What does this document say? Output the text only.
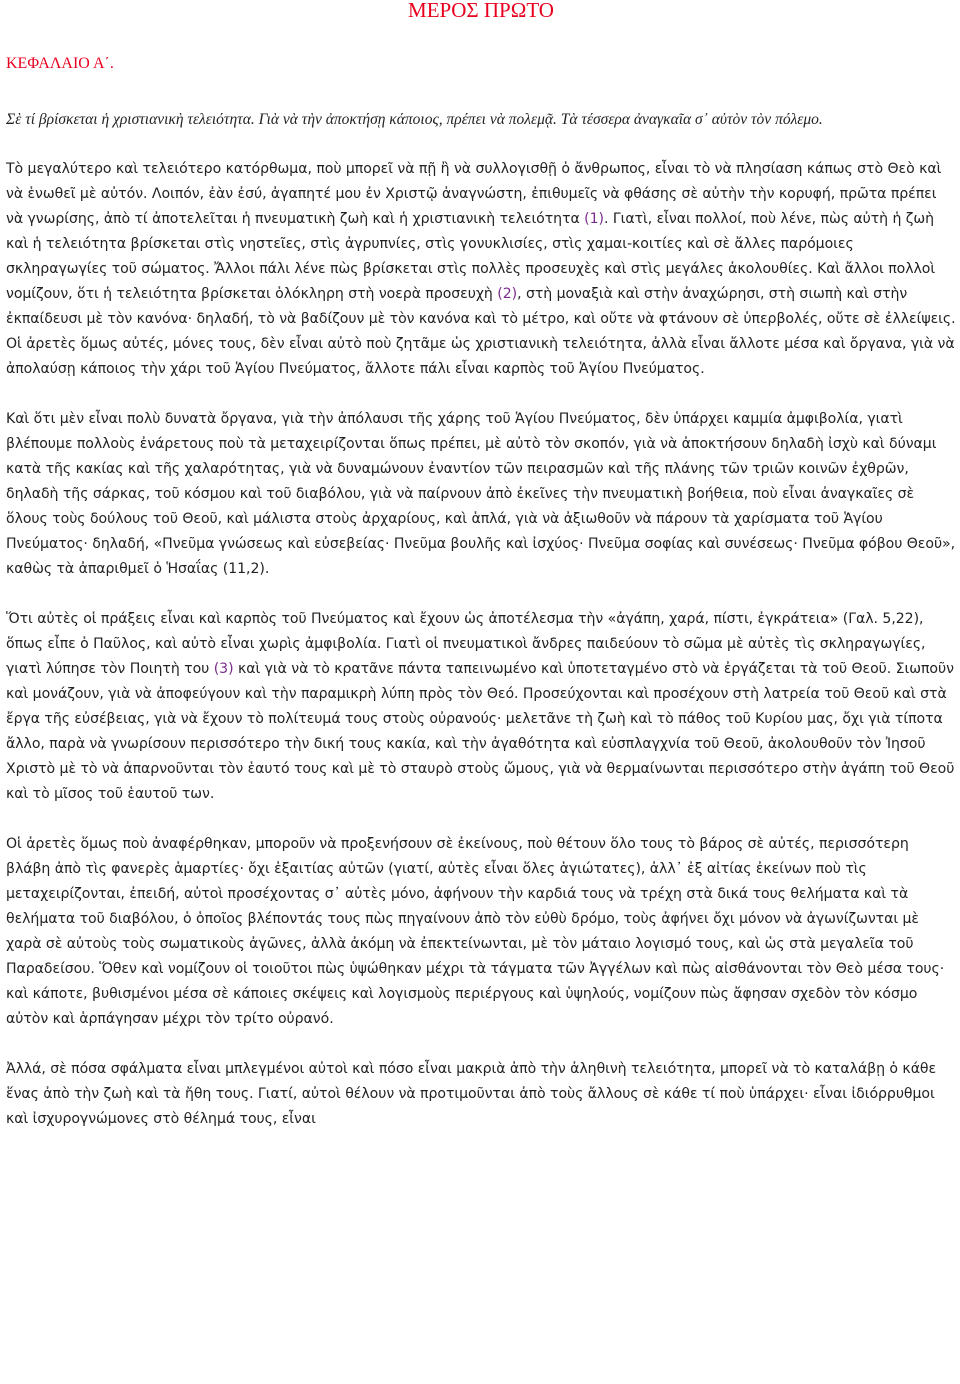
ΜΕΡΟΣ ΠΡΩΤΟ
ΚΕΦΑΛΑΙΟ Α΄.

Σὲ τί βρίσκεται ἡ χριστιανικὴ τελειότητα. Γιὰ νὰ τὴν ἀποκτήσῃ κάποιος, πρέπει νὰ πολεμᾷ. Τὰ τέσσερα ἀναγκαῖα σ᾽ αὐτὸν τὸν πόλεμο.

Τὸ μεγαλύτερο καὶ τελειότερο κατόρθωμα, ποὺ μπορεῖ νὰ πῇ ἢ νὰ συλλογισθῇ ὁ ἄνθρωπος, εἶναι τὸ νὰ πλησίαση κάπως στὸ Θεὸ καὶ νὰ ἑνωθεῖ μὲ αὐτόν. Λοιπόν, ἐὰν ἐσύ, ἀγαπητέ μου ἐν Χριστῷ ἀναγνώστη, ἐπιθυμεῖς νὰ φθάσης σὲ αὐτὴν τὴν κορυφή, πρῶτα πρέπει νὰ γνωρίσης, ἀπὸ τί ἀποτελεῖται ἡ πνευματικὴ ζωὴ καὶ ἡ χριστιανικὴ τελειότητα (1). Γιατὶ, εἶναι πολλοί, ποὺ λένε, πὼς αὐτὴ ἡ ζωὴ καὶ ἡ τελειότητα βρίσκεται στὶς νηστεῖες, στὶς ἀγρυπνίες, στὶς γονυκλισίες, στὶς χαμαι-κοιτίες καὶ σὲ ἄλλες παρόμοιες σκληραγωγίες τοῦ σώματος. Ἄλλοι πάλι λένε πὼς βρίσκεται στὶς πολλὲς προσευχὲς καὶ στὶς μεγάλες ἀκολουθίες. Καὶ ἄλλοι πολλοὶ νομίζουν, ὅτι ἡ τελειότητα βρίσκεται ὁλόκληρη στὴ νοερὰ προσευχὴ (2), στὴ μοναξιὰ καὶ στὴν ἀναχώρησι, στὴ σιωπὴ καὶ στὴν ἐκπαίδευσι μὲ τὸν κανόνα· δηλαδή, τὸ νὰ βαδίζουν μὲ τὸν κανόνα καὶ τὸ μέτρο, καὶ οὔτε νὰ φτάνουν σὲ ὑπερβολές, οὔτε σὲ ἐλλείψεις. Οἱ ἀρετὲς ὅμως αὐτές, μόνες τους, δὲν εἶναι αὐτὸ ποὺ ζητᾶμε ὡς χριστιανικὴ τελειότητα, ἀλλὰ εἶναι ἄλλοτε μέσα καὶ ὄργανα, γιὰ νὰ ἀπολαύσῃ κάποιος τὴν χάρι τοῦ Ἁγίου Πνεύματος, ἄλλοτε πάλι εἶναι καρπὸς τοῦ Ἁγίου Πνεύματος.

Καὶ ὅτι μὲν εἶναι πολὺ δυνατὰ ὄργανα, γιὰ τὴν ἀπόλαυσι τῆς χάρης τοῦ Ἁγίου Πνεύματος, δὲν ὑπάρχει καμμία ἀμφιβολία, γιατὶ βλέπουμε πολλοὺς ἐνάρετους ποὺ τὰ μεταχειρίζονται ὅπως πρέπει, μὲ αὐτὸ τὸν σκοπόν, γιὰ νὰ ἀποκτήσουν δηλαδὴ ἰσχὺ καὶ δύναμι κατὰ τῆς κακίας καὶ τῆς χαλαρότητας, γιὰ νὰ δυναμώνουν ἐναντίον τῶν πειρασμῶν καὶ τῆς πλάνης τῶν τριῶν κοινῶν ἐχθρῶν, δηλαδὴ τῆς σάρκας, τοῦ κόσμου καὶ τοῦ διαβόλου, γιὰ νὰ παίρνουν ἀπὸ ἐκεῖνες τὴν πνευματικὴ βοήθεια, ποὺ εἶναι ἀναγκαῖες σὲ ὅλους τοὺς δούλους τοῦ Θεοῦ, καὶ μάλιστα στοὺς ἀρχαρίους, καὶ ἁπλά, γιὰ νὰ ἀξιωθοῦν νὰ πάρουν τὰ χαρίσματα τοῦ Ἁγίου Πνεύματος· δηλαδή, «Πνεῦμα γνώσεως καὶ εὐσεβείας· Πνεῦμα βουλῆς καὶ ἰσχύος· Πνεῦμα σοφίας καὶ συνέσεως· Πνεῦμα φόβου Θεοῦ», καθὼς τὰ ἀπαριθμεῖ ὁ Ἡσαΐας (11,2).

Ὅτι αὐτὲς οἱ πράξεις εἶναι καὶ καρπὸς τοῦ Πνεύματος καὶ ἔχουν ὡς ἀποτέλεσμα τὴν «ἀγάπη, χαρά, πίστι, ἐγκράτεια» (Γαλ. 5,22), ὅπως εἶπε ὁ Παῦλος, καὶ αὐτὸ εἶναι χωρὶς ἀμφιβολία. Γιατὶ οἱ πνευματικοὶ ἄνδρες παιδεύουν τὸ σῶμα μὲ αὐτὲς τὶς σκληραγωγίες, γιατὶ λύπησε τὸν Ποιητὴ του (3) καὶ γιὰ νὰ τὸ κρατᾶνε πάντα ταπεινωμένο καὶ ὑποτεταγμένο στὸ νὰ ἐργάζεται τὰ τοῦ Θεοῦ. Σιωποῦν καὶ μονάζουν, γιὰ νὰ ἀποφεύγουν καὶ τὴν παραμικρὴ λύπη πρὸς τὸν Θεό. Προσεύχονται καὶ προσέχουν στὴ λατρεία τοῦ Θεοῦ καὶ στὰ ἔργα τῆς εὐσέβειας, γιὰ νὰ ἔχουν τὸ πολίτευμά τους στοὺς οὐρανούς· μελετᾶνε τὴ ζωὴ καὶ τὸ πάθος τοῦ Κυρίου μας, ὄχι γιὰ τίποτα ἄλλο, παρὰ νὰ γνωρίσουν περισσότερο τὴν δική τους κακία, καὶ τὴν ἀγαθότητα καὶ εὐσπλαγχνία τοῦ Θεοῦ, ἀκολουθοῦν τὸν Ἰησοῦ Χριστὸ μὲ τὸ νὰ ἀπαρνοῦνται τὸν ἑαυτό τους καὶ μὲ τὸ σταυρὸ στοὺς ὤμους, γιὰ νὰ θερμαίνωνται περισσότερο στὴν ἀγάπη τοῦ Θεοῦ καὶ τὸ μῖσος τοῦ ἑαυτοῦ των.

Οἱ ἀρετὲς ὅμως ποὺ ἀναφέρθηκαν, μποροῦν νὰ προξενήσουν σὲ ἐκείνους, ποὺ θέτουν ὅλο τους τὸ βάρος σὲ αὐτές, περισσότερη βλάβη ἀπὸ τὶς φανερὲς ἁμαρτίες· ὄχι ἐξαιτίας αὐτῶν (γιατί, αὐτὲς εἶναι ὅλες ἁγιώτατες), ἀλλ᾽ ἐξ αἰτίας ἐκείνων ποὺ τὶς μεταχειρίζονται, ἐπειδή, αὐτοὶ προσέχοντας σ᾽ αὐτὲς μόνο, ἀφήνουν τὴν καρδιά τους νὰ τρέχη στὰ δικά τους θελήματα καὶ τὰ θελήματα τοῦ διαβόλου, ὁ ὁποῖος βλέποντάς τους πὼς πηγαίνουν ἀπὸ τὸν εὐθὺ δρόμο, τοὺς ἀφήνει ὄχι μόνον νὰ ἀγωνίζωνται μὲ χαρὰ σὲ αὐτοὺς τοὺς σωματικοὺς ἀγῶνες, ἀλλὰ ἀκόμη νὰ ἐπεκτείνωνται, μὲ τὸν μάταιο λογισμό τους, καὶ ὡς στὰ μεγαλεῖα τοῦ Παραδείσου. Ὅθεν καὶ νομίζουν οἱ τοιοῦτοι πὼς ὑψώθηκαν μέχρι τὰ τάγματα τῶν Ἀγγέλων καὶ πὼς αἰσθάνονται τὸν Θεὸ μέσα τους· καὶ κάποτε, βυθισμένοι μέσα σὲ κάποιες σκέψεις καὶ λογισμοὺς περιέργους καὶ ὑψηλούς, νομίζουν πὼς ἄφησαν σχεδὸν τὸν κόσμο αὐτὸν καὶ ἁρπάγησαν μέχρι τὸν τρίτο οὐρανό.

Ἀλλά, σὲ πόσα σφάλματα εἶναι μπλεγμένοι αὐτοὶ καὶ πόσο εἶναι μακριὰ ἀπὸ τὴν ἀληθινὴ τελειότητα, μπορεῖ νὰ τὸ καταλάβῃ ὁ κάθε ἕνας ἀπὸ τὴν ζωὴ καὶ τὰ ἤθη τους. Γιατί, αὐτοὶ θέλουν νὰ προτιμοῦνται ἀπὸ τοὺς ἄλλους σὲ κάθε τί ποὺ ὑπάρχει· εἶναι ἰδιόρρυθμοι καὶ ἰσχυρογνώμονες στὸ θέλημά τους, εἶναι
